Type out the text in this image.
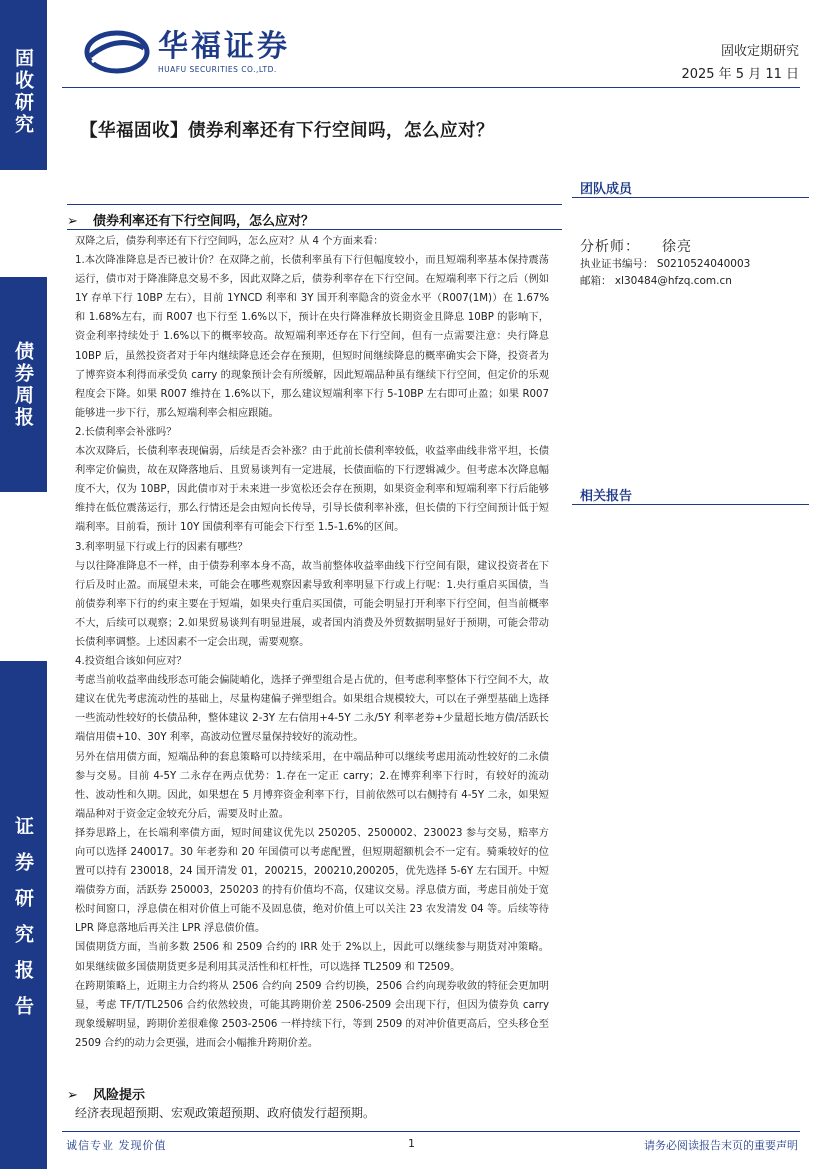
固收研究
债券周报
证券研究报告
华福证券
HUAFU SECURITIES CO.,LTD.
固收定期研究
2025 年 5 月 11 日
【华福固收】债券利率还有下行空间吗，怎么应对？
团队成员
分析师： 徐亮
执业证书编号： S0210524040003
邮箱： xl30484@hfzq.com.cn
相关报告
➢ 债券利率还有下行空间吗，怎么应对？

双降之后，债券利率还有下行空间吗，怎么应对？从 4 个方面来看：

1.本次降准降息是否已被计价？在双降之前，长债利率虽有下行但幅度较小，而且短端利率基本保持震荡运行，债市对于降准降息交易不多，因此双降之后，债券利率存在下行空间。在短端利率下行之后（例如 1Y 存单下行 10BP 左右），目前 1YNCD 利率和 3Y 国开利率隐含的资金水平（R007(1M)）在 1.67%和 1.68%左右，而 R007 也下行至 1.6%以下，预计在央行降准释放长期资金且降息 10BP 的影响下，资金利率持续处于 1.6%以下的概率较高。故短端利率还存在下行空间，但有一点需要注意：央行降息 10BP 后，虽然投资者对于年内继续降息还会存在预期，但短时间继续降息的概率确实会下降，投资者为了博弈资本利得而承受负 carry 的现象预计会有所缓解，因此短端品种虽有继续下行空间，但定价的乐观程度会下降。如果 R007 维持在 1.6%以下，那么建议短端利率下行 5-10BP 左右即可止盈；如果 R007 能够进一步下行，那么短端利率会相应跟随。

2.长债利率会补涨吗？

本次双降后，长债利率表现偏弱，后续是否会补涨？由于此前长债利率较低，收益率曲线非常平坦，长债利率定价偏贵，故在双降落地后、且贸易谈判有一定进展，长债面临的下行逻辑减少。但考虑本次降息幅度不大，仅为 10BP，因此债市对于未来进一步宽松还会存在预期，如果资金利率和短端利率下行后能够维持在低位震荡运行，那么行情还是会由短向长传导，引导长债利率补涨，但长债的下行空间预计低于短端利率。目前看，预计 10Y 国债利率有可能会下行至 1.5-1.6%的区间。

3.利率明显下行或上行的因素有哪些？

与以往降准降息不一样，由于债券利率本身不高，故当前整体收益率曲线下行空间有限，建议投资者在下行后及时止盈。而展望未来，可能会在哪些观察因素导致利率明显下行或上行呢：1.央行重启买国债，当前债券利率下行的约束主要在于短端，如果央行重启买国债，可能会明显打开利率下行空间，但当前概率不大，后续可以观察；2.如果贸易谈判有明显进展，或者国内消费及外贸数据明显好于预期，可能会带动长债利率调整。上述因素不一定会出现，需要观察。

4.投资组合该如何应对？

考虑当前收益率曲线形态可能会偏陡峭化，选择子弹型组合是占优的，但考虑利率整体下行空间不大，故建议在优先考虑流动性的基础上，尽量构建偏子弹型组合。如果组合规模较大，可以在子弹型基础上选择一些流动性较好的长债品种，整体建议 2-3Y 左右信用+4-5Y 二永/5Y 利率老券+少量超长地方债/活跃长端信用债+10、30Y 利率，高波动位置尽量保持较好的流动性。

另外在信用债方面，短端品种的套息策略可以持续采用，在中端品种可以继续考虑用流动性较好的二永债参与交易。目前 4-5Y 二永存在两点优势：1.存在一定正 carry；2.在博弈利率下行时，有较好的流动性、波动性和久期。因此，如果想在 5 月博弈资金利率下行，目前依然可以右侧持有 4-5Y 二永，如果短端品种对于资金定金较充分后，需要及时止盈。

择券思路上，在长端利率债方面，短时间建议优先以 250205、2500002、230023 参与交易，赔率方向可以选择 240017。30 年老券和 20 年国债可以考虑配置，但短期超额机会不一定有。骑乘较好的位置可以持有 230018，24 国开清发 01，200215，200210,200205，优先选择 5-6Y 左右国开。中短端债券方面，活跃券 250003，250203 的持有价值均不高，仅建议交易。浮息债方面，考虑目前处于宽松时间窗口，浮息债在相对价值上可能不及固息债，绝对价值上可以关注 23 农发清发 04 等。后续等待 LPR 降息落地后再关注 LPR 浮息债价值。

国债期货方面，当前多数 2506 和 2509 合约的 IRR 处于 2%以上，因此可以继续参与期货对冲策略。如果继续做多国债期货更多是利用其灵活性和杠杆性，可以选择 TL2509 和 T2509。

在跨期策略上，近期主力合约将从 2506 合约向 2509 合约切换，2506 合约向现券收敛的特征会更加明显，考虑 TF/T/TL2506 合约依然较贵，可能其跨期价差 2506-2509 会出现下行，但因为债券负 carry 现象缓解明显，跨期价差很难像 2503-2506 一样持续下行，等到 2509 的对冲价值更高后，空头移仓至 2509 合约的动力会更强，进而会小幅推升跨期价差。

➢ 风险提示
经济表现超预期、宏观政策超预期、政府债发行超预期。
诚信专业 发现价值	1	请务必阅读报告末页的重要声明
